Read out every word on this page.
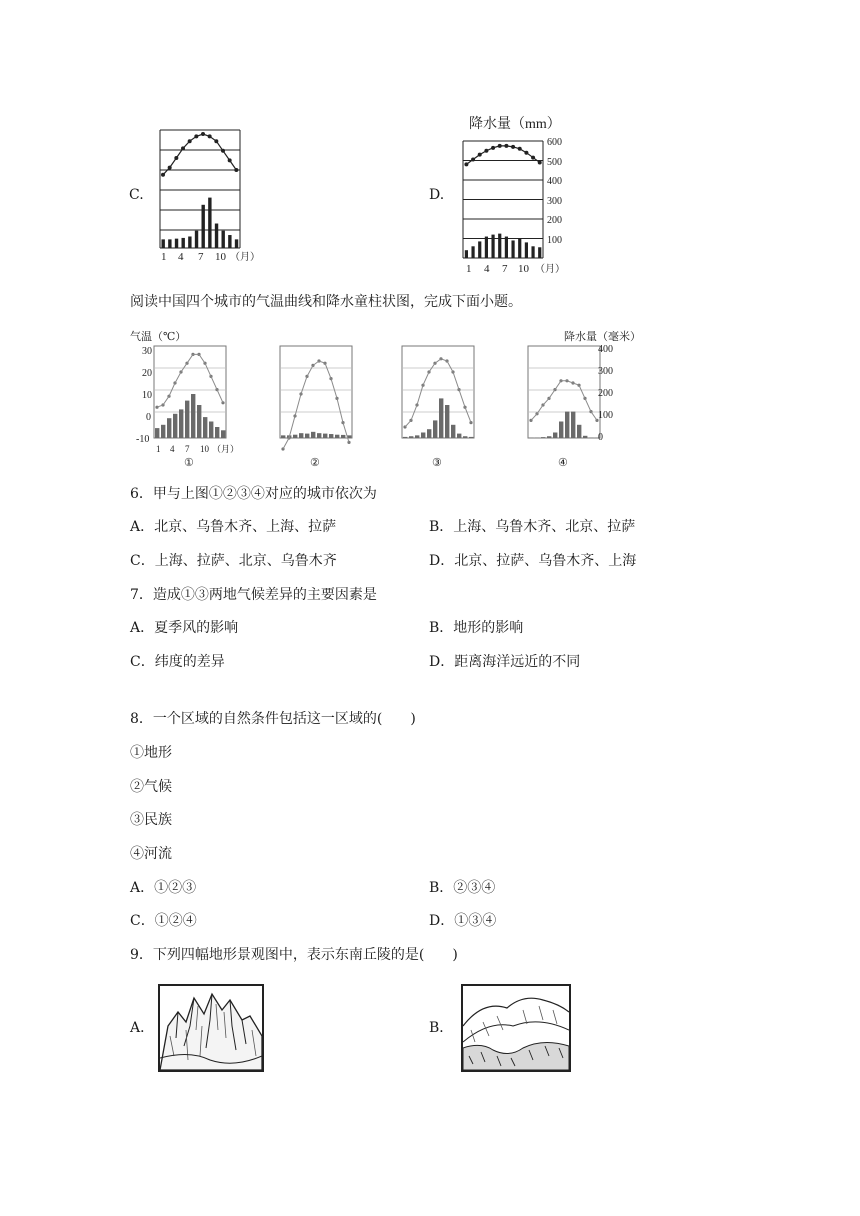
C.
1 4 7 10 （月）
D.
降水量（mm）
600
500
400
300
200
100
1 4 7 10 （月）
阅读中国四个城市的气温曲线和降水童柱状图，完成下面小题。
气温（℃）	降水量（毫米）
30
20
10
0
-10
400
300
200
100
0
1 4 7 10 （月）
①	②	③	④
6．甲与上图①②③④对应的城市依次为
A．北京、乌鲁木齐、上海、拉萨	B．上海、乌鲁木齐、北京、拉萨
C．上海、拉萨、北京、乌鲁木齐	D．北京、拉萨、乌鲁木齐、上海
7．造成①③两地气候差异的主要因素是
A．夏季风的影响	B．地形的影响
C．纬度的差异	D．距离海洋远近的不同
8．一个区域的自然条件包括这一区域的(　　)
①地形
②气候
③民族
④河流
A．①②③	B．②③④
C．①②④	D．①③④
9．下列四幅地形景观图中，表示东南丘陵的是(　　)
A．	B．
